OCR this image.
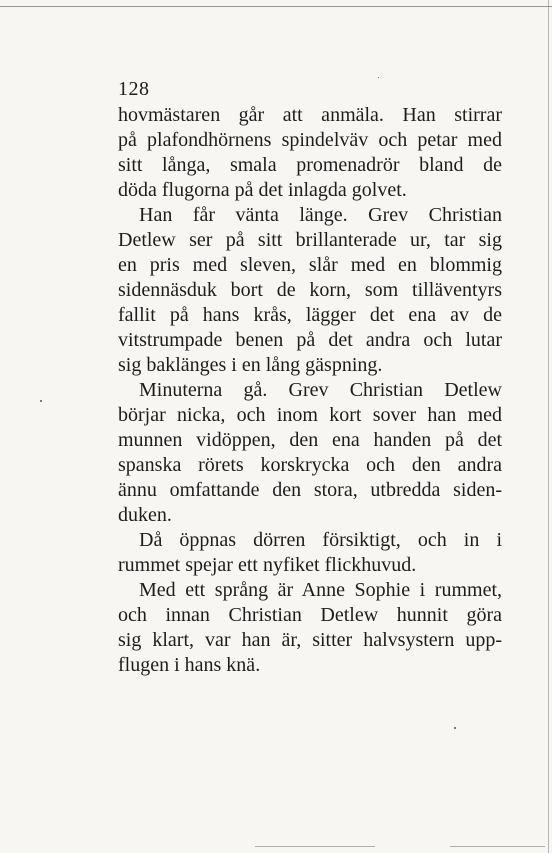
128

hovmästaren går att anmäla. Han stirrar
på plafondhörnens spindelväv och petar med
sitt långa, smala promenadrör bland de
döda flugorna på det inlagda golvet.

Han får vänta länge. Grev Christian
Detlew ser på sitt brillanterade ur, tar sig
en pris med sleven, slår med en blommig
sidennäsduk bort de korn, som tilläventyrs
fallit på hans krås, lägger det ena av de
vitstrumpade benen på det andra och lutar
sig baklänges i en lång gäspning.

Minuterna gå. Grev Christian Detlew
börjar nicka, och inom kort sover han med
munnen vidöppen, den ena handen på det
spanska rörets korskrycka och den andra
ännu omfattande den stora, utbredda siden-
duken.

Då öppnas dörren försiktigt, och in i
rummet spejar ett nyfiket flickhuvud.

Med ett språng är Anne Sophie i rummet,
och innan Christian Detlew hunnit göra
sig klart, var han är, sitter halvsystern upp-
flugen i hans knä.
